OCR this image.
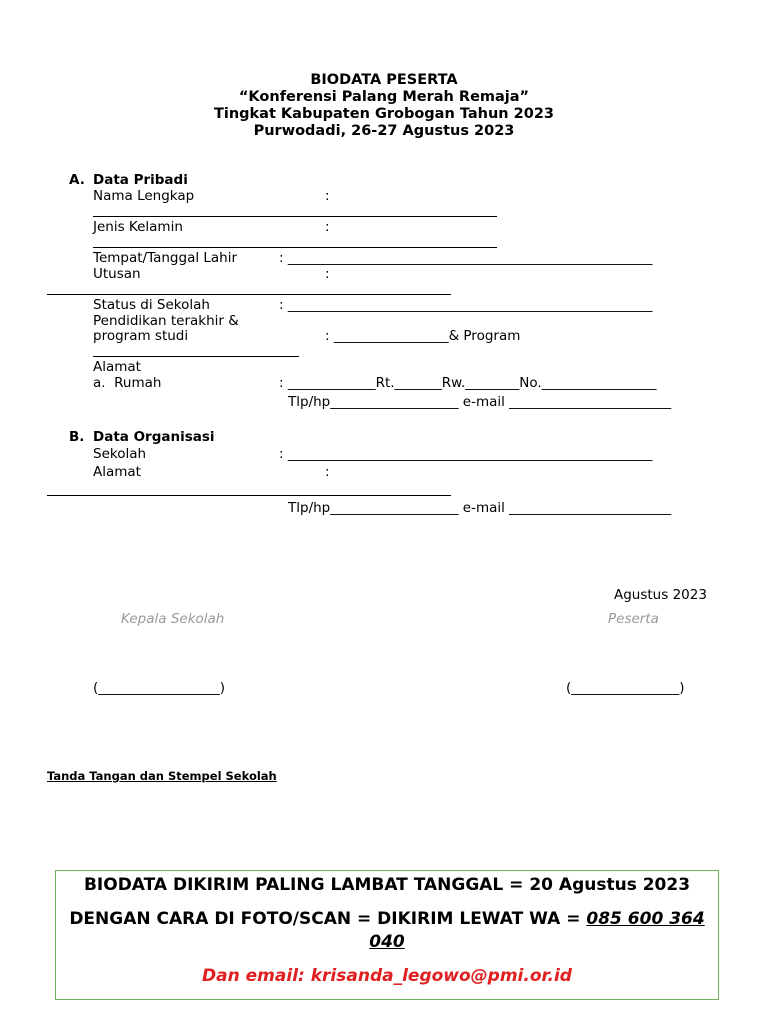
BIODATA PESERTA
“Konferensi Palang Merah Remaja”
Tingkat Kabupaten Grobogan Tahun 2023
Purwodadi, 26-27 Agustus 2023
A. Data Pribadi
Nama Lengkap	:
Jenis Kelamin	:
Tempat/Tanggal Lahir	: ______________________________________________________
Utusan	:
Status di Sekolah	: ______________________________________________________
Pendidikan terakhir &
program studi	: _________________& Program
Alamat
a.  Rumah	: _____________Rt._______Rw.________No._________________
Tlp/hp___________________ e-mail ________________________
B. Data Organisasi
Sekolah	: ______________________________________________________
Alamat	:
Tlp/hp___________________ e-mail ________________________
Agustus 2023
Kepala Sekolah	Peserta
(__________________)	(________________)
Tanda Tangan dan Stempel Sekolah

BIODATA DIKIRIM PALING LAMBAT TANGGAL = 20 Agustus 2023

DENGAN CARA DI FOTO/SCAN = DIKIRIM LEWAT WA = 085 600 364 040

Dan email: krisanda_legowo@pmi.or.id
